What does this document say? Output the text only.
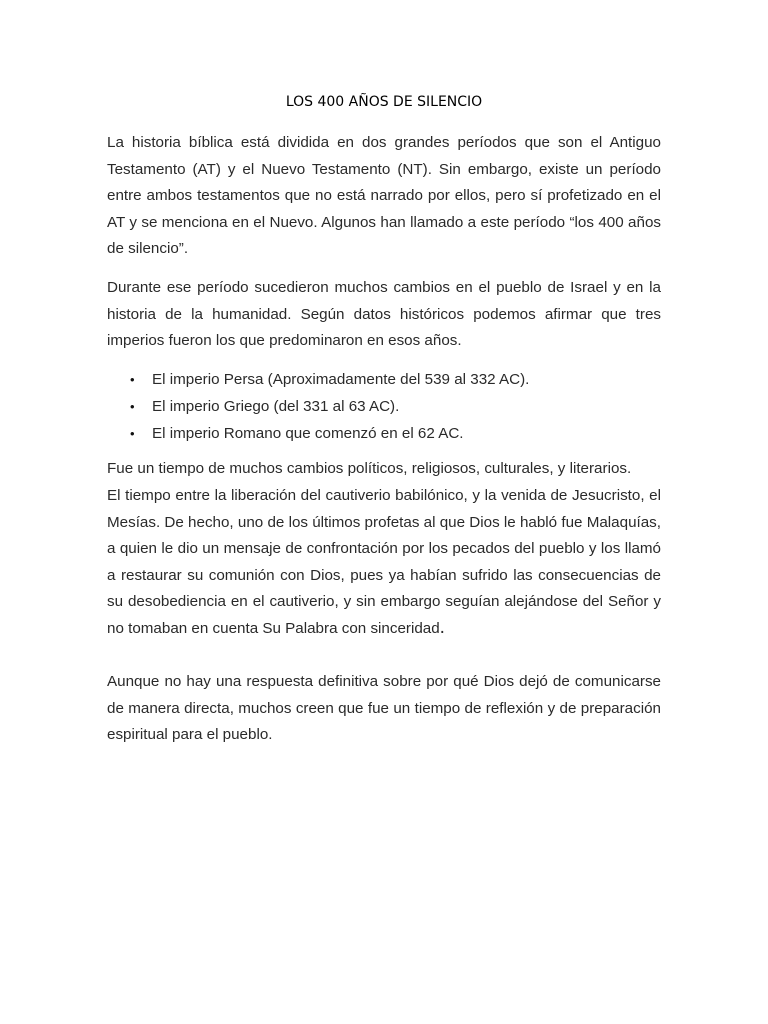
LOS 400 AÑOS DE SILENCIO

La historia bíblica está dividida en dos grandes períodos que son el Antiguo Testamento (AT) y el Nuevo Testamento (NT). Sin embargo, existe un período entre ambos testamentos que no está narrado por ellos, pero sí profetizado en el AT y se menciona en el Nuevo. Algunos han llamado a este período “los 400 años de silencio”.

Durante ese período sucedieron muchos cambios en el pueblo de Israel y en la historia de la humanidad. Según datos históricos podemos afirmar que tres imperios fueron los que predominaron en esos años.

• El imperio Persa (Aproximadamente del 539 al 332 AC).
• El imperio Griego (del 331 al 63 AC).
• El imperio Romano que comenzó en el 62 AC.

Fue un tiempo de muchos cambios políticos, religiosos, culturales, y literarios.

El tiempo entre la liberación del cautiverio babilónico, y la venida de Jesucristo, el Mesías. De hecho, uno de los últimos profetas al que Dios le habló fue Malaquías, a quien le dio un mensaje de confrontación por los pecados del pueblo y los llamó a restaurar su comunión con Dios, pues ya habían sufrido las consecuencias de su desobediencia en el cautiverio, y sin embargo seguían alejándose del Señor y no tomaban en cuenta Su Palabra con sinceridad.

Aunque no hay una respuesta definitiva sobre por qué Dios dejó de comunicarse de manera directa, muchos creen que fue un tiempo de reflexión y de preparación espiritual para el pueblo.
